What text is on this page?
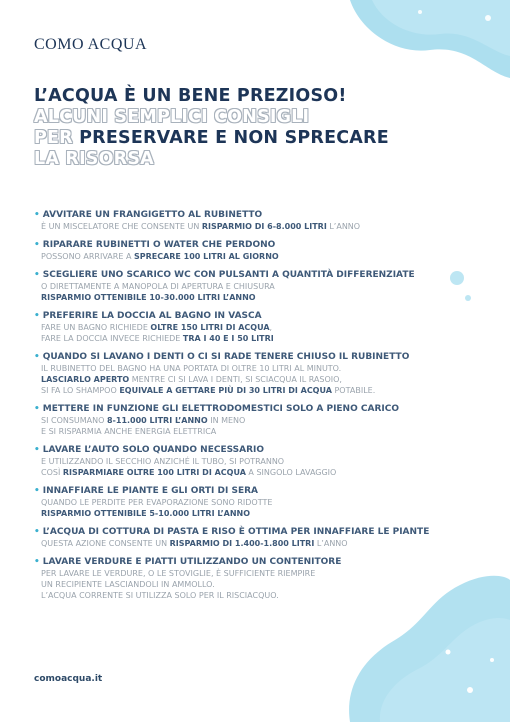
COMO ACQUA
L’ACQUA È UN BENE PREZIOSO!
ALCUNI SEMPLICI CONSIGLI
PER PRESERVARE E NON SPRECARE
LA RISORSA
• AVVITARE UN FRANGIGETTO AL RUBINETTO
È UN MISCELATORE CHE CONSENTE UN RISPARMIO DI 6-8.000 LITRI L’ANNO
• RIPARARE RUBINETTI O WATER CHE PERDONO
POSSONO ARRIVARE A SPRECARE 100 LITRI AL GIORNO
• SCEGLIERE UNO SCARICO WC CON PULSANTI A QUANTITÀ DIFFERENZIATE
O DIRETTAMENTE A MANOPOLA DI APERTURA E CHIUSURA
RISPARMIO OTTENIBILE 10-30.000 LITRI L’ANNO
• PREFERIRE LA DOCCIA AL BAGNO IN VASCA
FARE UN BAGNO RICHIEDE OLTRE 150 LITRI DI ACQUA,
FARE LA DOCCIA INVECE RICHIEDE TRA I 40 E I 50 LITRI
• QUANDO SI LAVANO I DENTI O CI SI RADE TENERE CHIUSO IL RUBINETTO
IL RUBINETTO DEL BAGNO HA UNA PORTATA DI OLTRE 10 LITRI AL MINUTO.
LASCIARLO APERTO MENTRE CI SI LAVA I DENTI, SI SCIACQUA IL RASOIO,
SI FA LO SHAMPOO EQUIVALE A GETTARE PIÙ DI 30 LITRI DI ACQUA POTABILE.
• METTERE IN FUNZIONE GLI ELETTRODOMESTICI SOLO A PIENO CARICO
SI CONSUMANO 8-11.000 LITRI L’ANNO IN MENO
E SI RISPARMIA ANCHE ENERGIA ELETTRICA
• LAVARE L’AUTO SOLO QUANDO NECESSARIO
E UTILIZZANDO IL SECCHIO ANZICHÉ IL TUBO, SI POTRANNO
COSÌ RISPARMIARE OLTRE 100 LITRI DI ACQUA A SINGOLO LAVAGGIO
• INNAFFIARE LE PIANTE E GLI ORTI DI SERA
QUANDO LE PERDITE PER EVAPORAZIONE SONO RIDOTTE
RISPARMIO OTTENIBILE 5-10.000 LITRI L’ANNO
• L’ACQUA DI COTTURA DI PASTA E RISO È OTTIMA PER INNAFFIARE LE PIANTE
QUESTA AZIONE CONSENTE UN RISPARMIO DI 1.400-1.800 LITRI L’ANNO
• LAVARE VERDURE E PIATTI UTILIZZANDO UN CONTENITORE
PER LAVARE LE VERDURE, O LE STOVIGLIE, È SUFFICIENTE RIEMPIRE
UN RECIPIENTE LASCIANDOLI IN AMMOLLO.
L’ACQUA CORRENTE SI UTILIZZA SOLO PER IL RISCIACQUO.
comoacqua.it
